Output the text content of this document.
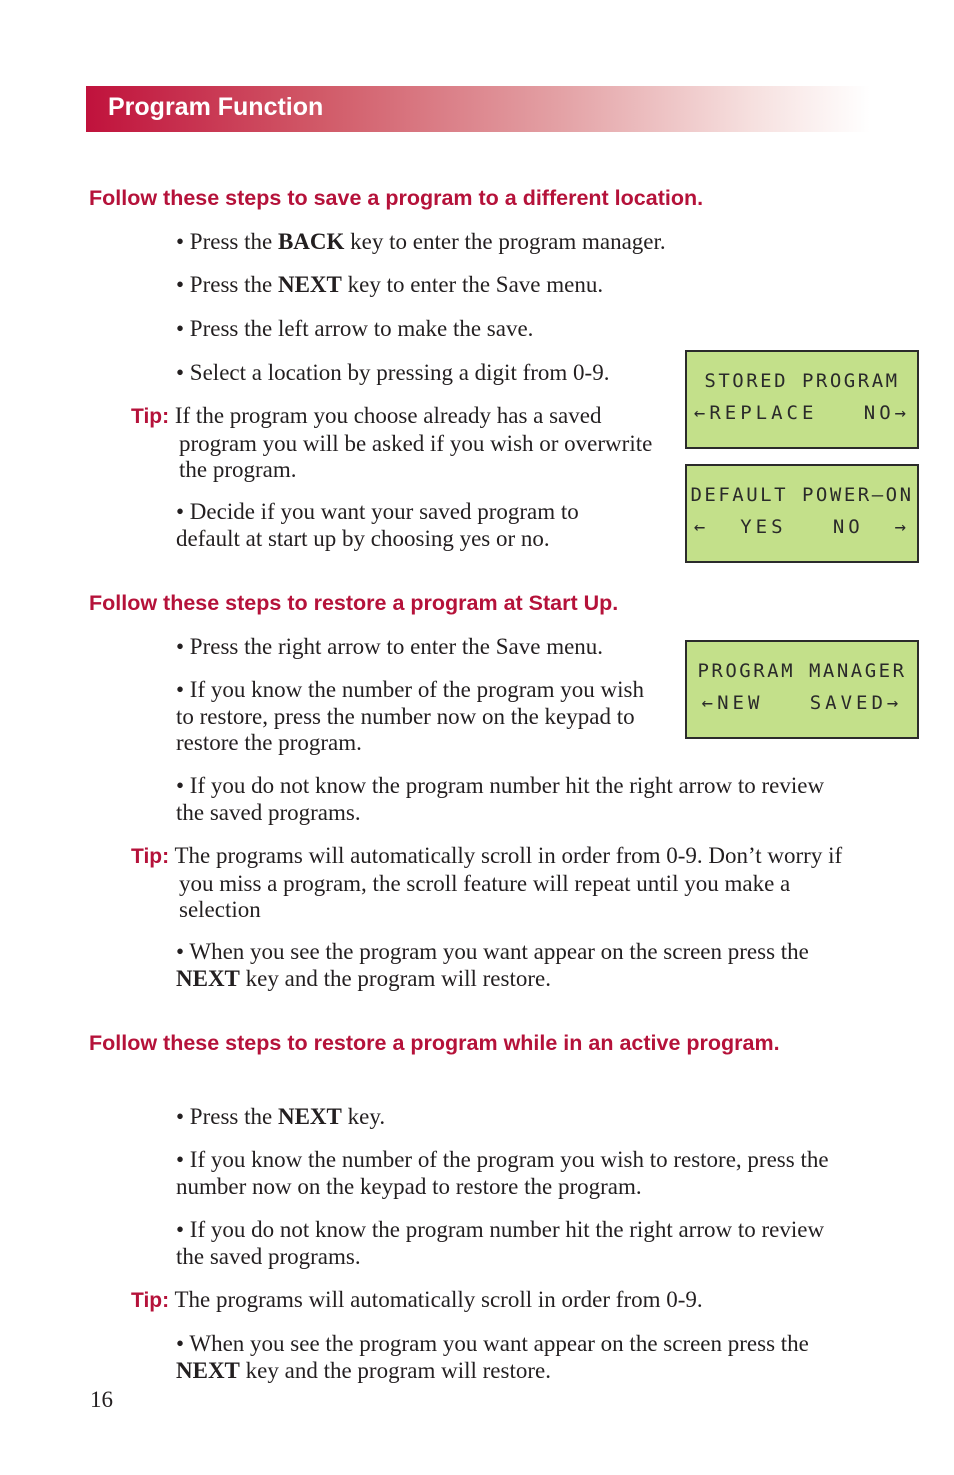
Program Function
Follow these steps to save a program to a different location.

• Press the BACK key to enter the program manager.

• Press the NEXT key to enter the Save menu.

• Press the left arrow to make the save.

• Select a location by pressing a digit from 0-9.

Tip: If the program you choose already has a saved program you will be asked if you wish or overwrite the program.

• Decide if you want your saved program to default at start up by choosing yes or no.

STORED PROGRAM
←REPLACE   NO→
DEFAULT POWER—ON
←  YES   NO  →
Follow these steps to restore a program at Start Up.

• Press the right arrow to enter the Save menu.

• If you know the number of the program you wish to restore, press the number now on the keypad to restore the program.

PROGRAM MANAGER
←NEW   SAVED→

• If you do not know the program number hit the right arrow to review the saved programs.

Tip: The programs will automatically scroll in order from 0-9. Don’t worry if you miss a program, the scroll feature will repeat until you make a selection

• When you see the program you want appear on the screen press the NEXT key and the program will restore.

Follow these steps to restore a program while in an active program.

• Press the NEXT key.

• If you know the number of the program you wish to restore, press the number now on the keypad to restore the program.

• If you do not know the program number hit the right arrow to review the saved programs.

Tip: The programs will automatically scroll in order from 0-9.

• When you see the program you want appear on the screen press the NEXT key and the program will restore.

16
